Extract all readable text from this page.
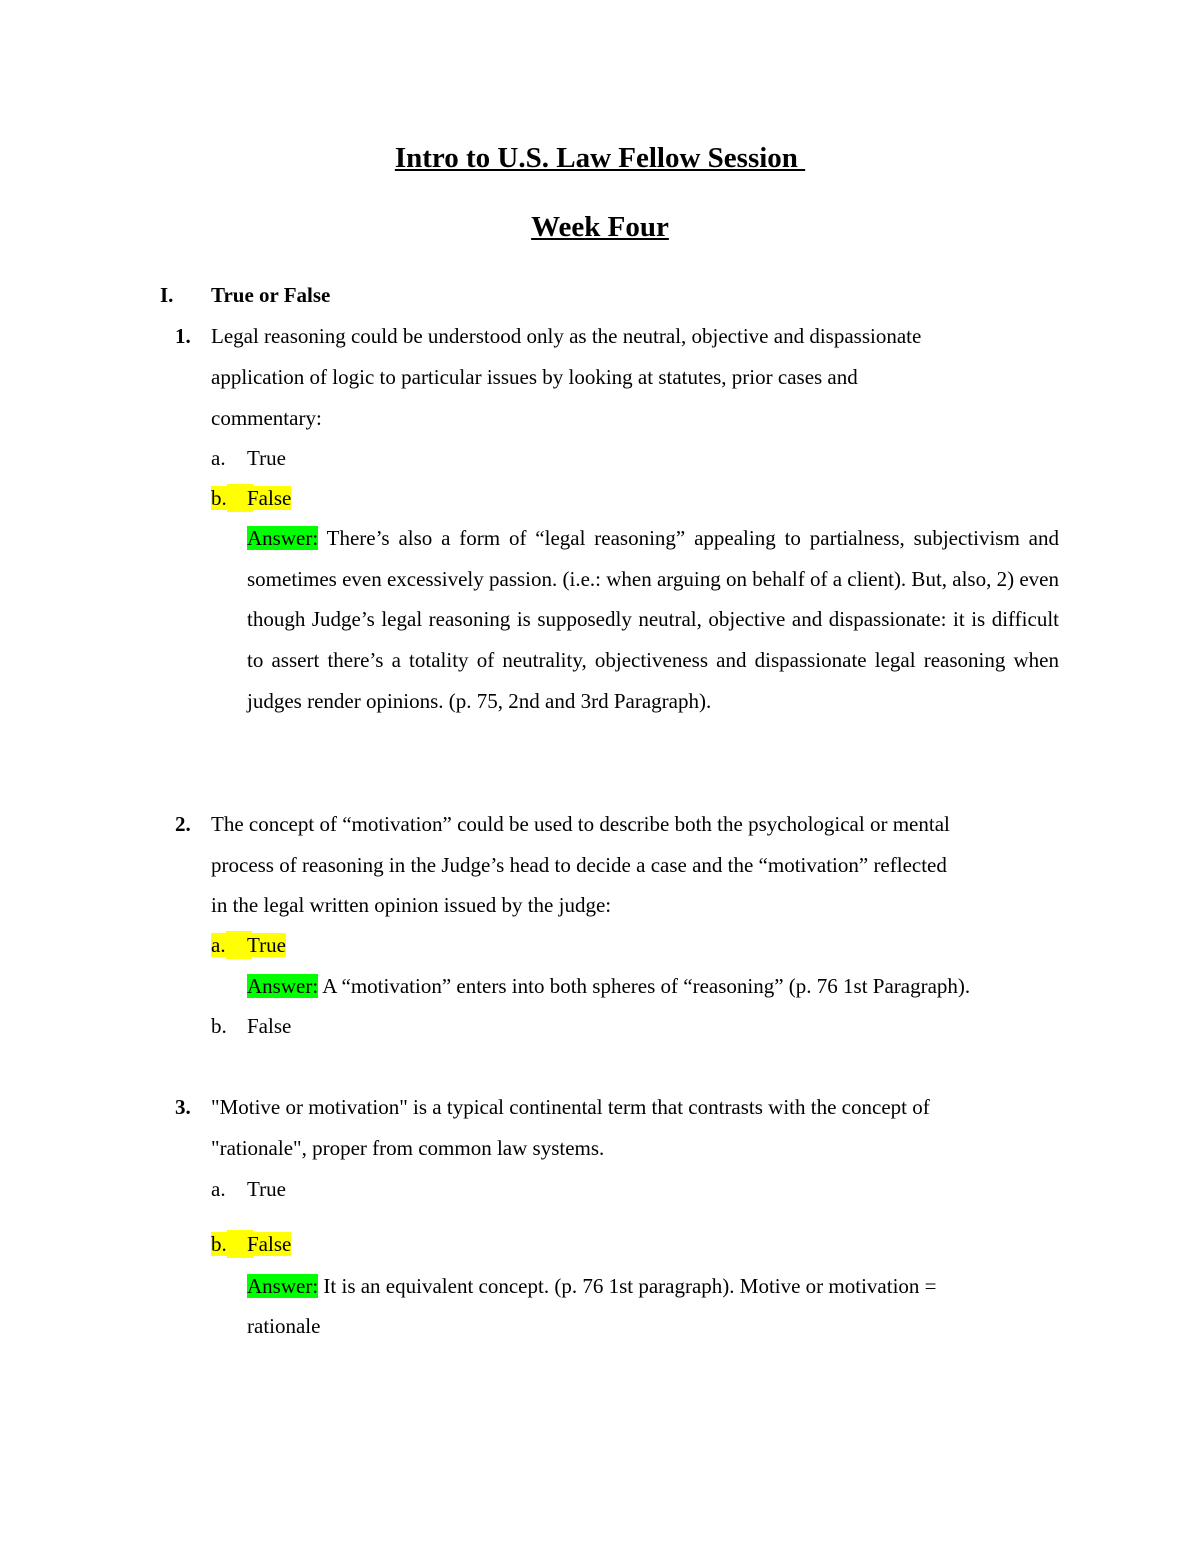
Intro to U.S. Law Fellow Session
Week Four
I. True or False
1. Legal reasoning could be understood only as the neutral, objective and dispassionate
application of logic to particular issues by looking at statutes, prior cases and
commentary:
a. True
b. False
Answer: There’s also a form of “legal reasoning” appealing to partialness, subjectivism and sometimes even excessively passion. (i.e.: when arguing on behalf of a client). But, also, 2) even though Judge’s legal reasoning is supposedly neutral, objective and dispassionate: it is difficult to assert there’s a totality of neutrality, objectiveness and dispassionate legal reasoning when judges render opinions. (p. 75, 2nd and 3rd Paragraph).
2. The concept of “motivation” could be used to describe both the psychological or mental
process of reasoning in the Judge’s head to decide a case and the “motivation” reflected
in the legal written opinion issued by the judge:
a.	True
Answer: A “motivation” enters into both spheres of “reasoning” (p. 76 1st Paragraph).
b. False
3. "Motive or motivation" is a typical continental term that contrasts with the concept of
"rationale", proper from common law systems.
a. True
b. False
Answer: It is an equivalent concept. (p. 76 1st paragraph). Motive or motivation =
rationale
